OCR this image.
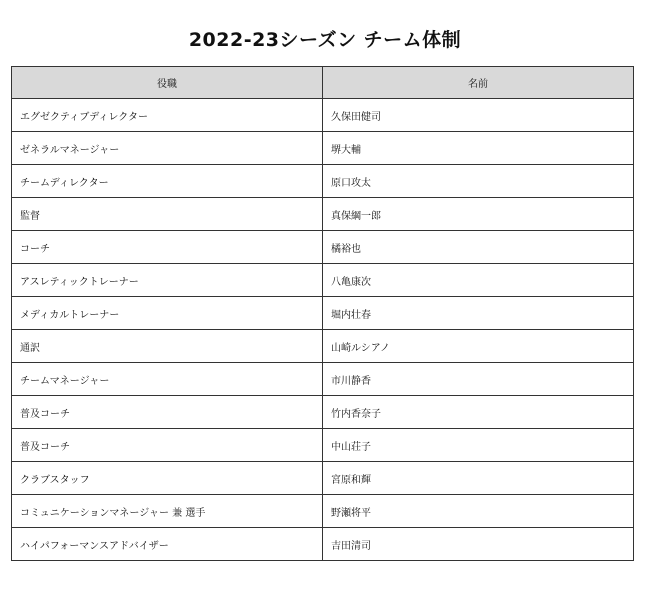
2022-23シーズン チーム体制
役職	名前
エグゼクティブディレクター	久保田健司
ゼネラルマネージャー	堺大輔
チームディレクター	原口攻太
監督	真保綱一郎
コーチ	橘裕也
アスレティックトレーナー	八亀康次
メディカルトレーナー	堀内壮春
通訳	山崎ルシアノ
チームマネージャー	市川静香
普及コーチ	竹内香奈子
普及コーチ	中山荘子
クラブスタッフ	宮原和輝
コミュニケーションマネージャー 兼 選手	野瀬将平
ハイパフォーマンスアドバイザー	吉田清司
